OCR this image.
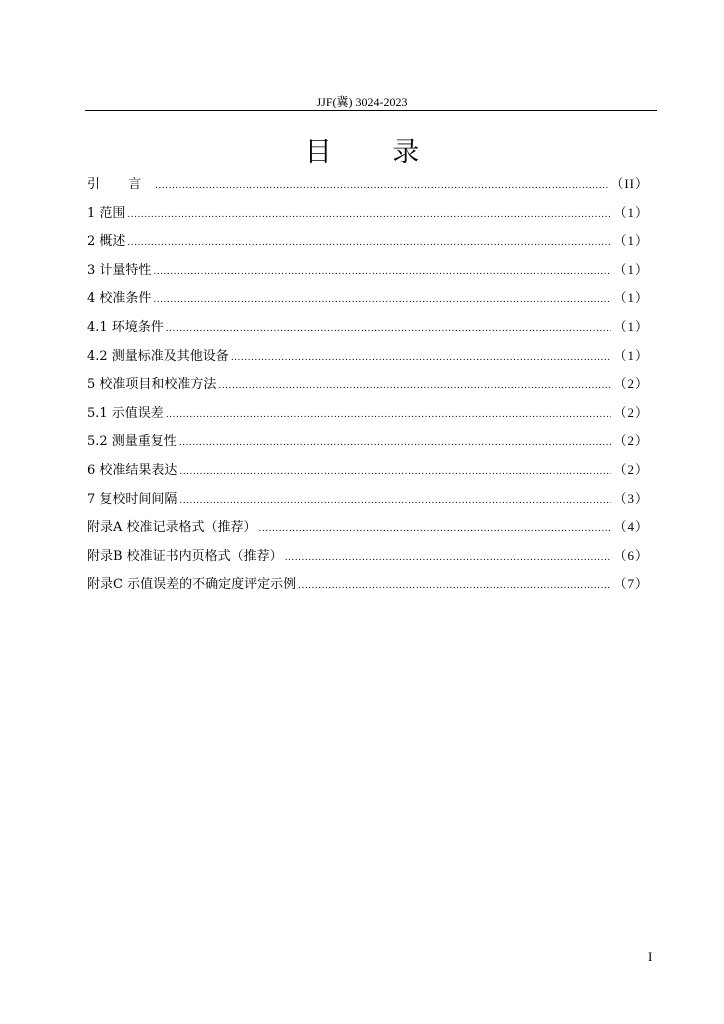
JJF(冀) 3024-2023
目 录
引 言 .....	（II）
1 范围 .....	（1）
2 概述 .....	（1）
3 计量特性 .....	（1）
4 校准条件 .....	（1）
4.1 环境条件 .....	（1）
4.2 测量标准及其他设备 .....	（1）
5 校准项目和校准方法 .....	（2）
5.1 示值误差 .....	（2）
5.2 测量重复性 .....	（2）
6 校准结果表达 .....	（2）
7 复校时间间隔 .....	（3）
附录A 校准记录格式（推荐） .....	（4）
附录B 校准证书内页格式（推荐） .....	（6）
附录C 示值误差的不确定度评定示例 .....	（7）
I
